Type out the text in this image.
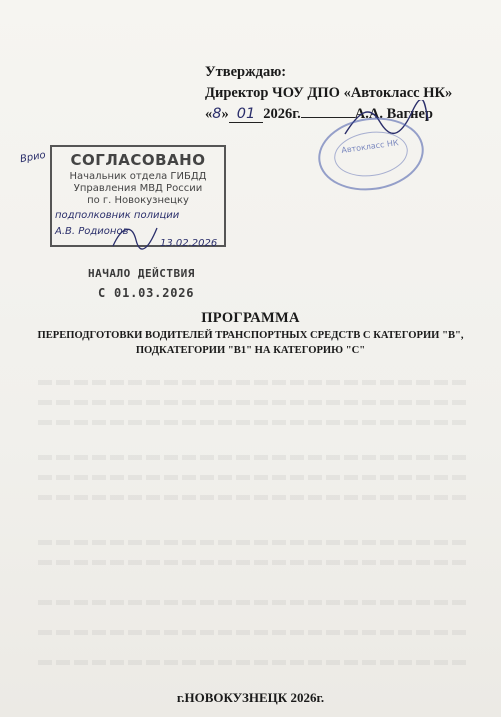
Утверждаю:
Директор ЧОУ ДПО «Автокласс НК»
«8» 01 2026г.	А.А. Вагнер
Автокласс НК
Врио	СОГЛАСОВАНО
Начальник отдела ГИБДД
Управления МВД России
по г. Новокузнецку
подполковник полиции
А.В. Родионов
13.02.2026
НАЧАЛО ДЕЙСТВИЯ
С 01.03.2026
ПРОГРАММА
ПЕРЕПОДГОТОВКИ ВОДИТЕЛЕЙ ТРАНСПОРТНЫХ СРЕДСТВ С КАТЕГОРИИ "В", ПОДКАТЕГОРИИ "В1" НА КАТЕГОРИЮ "С"
г.НОВОКУЗНЕЦК 2026г.
